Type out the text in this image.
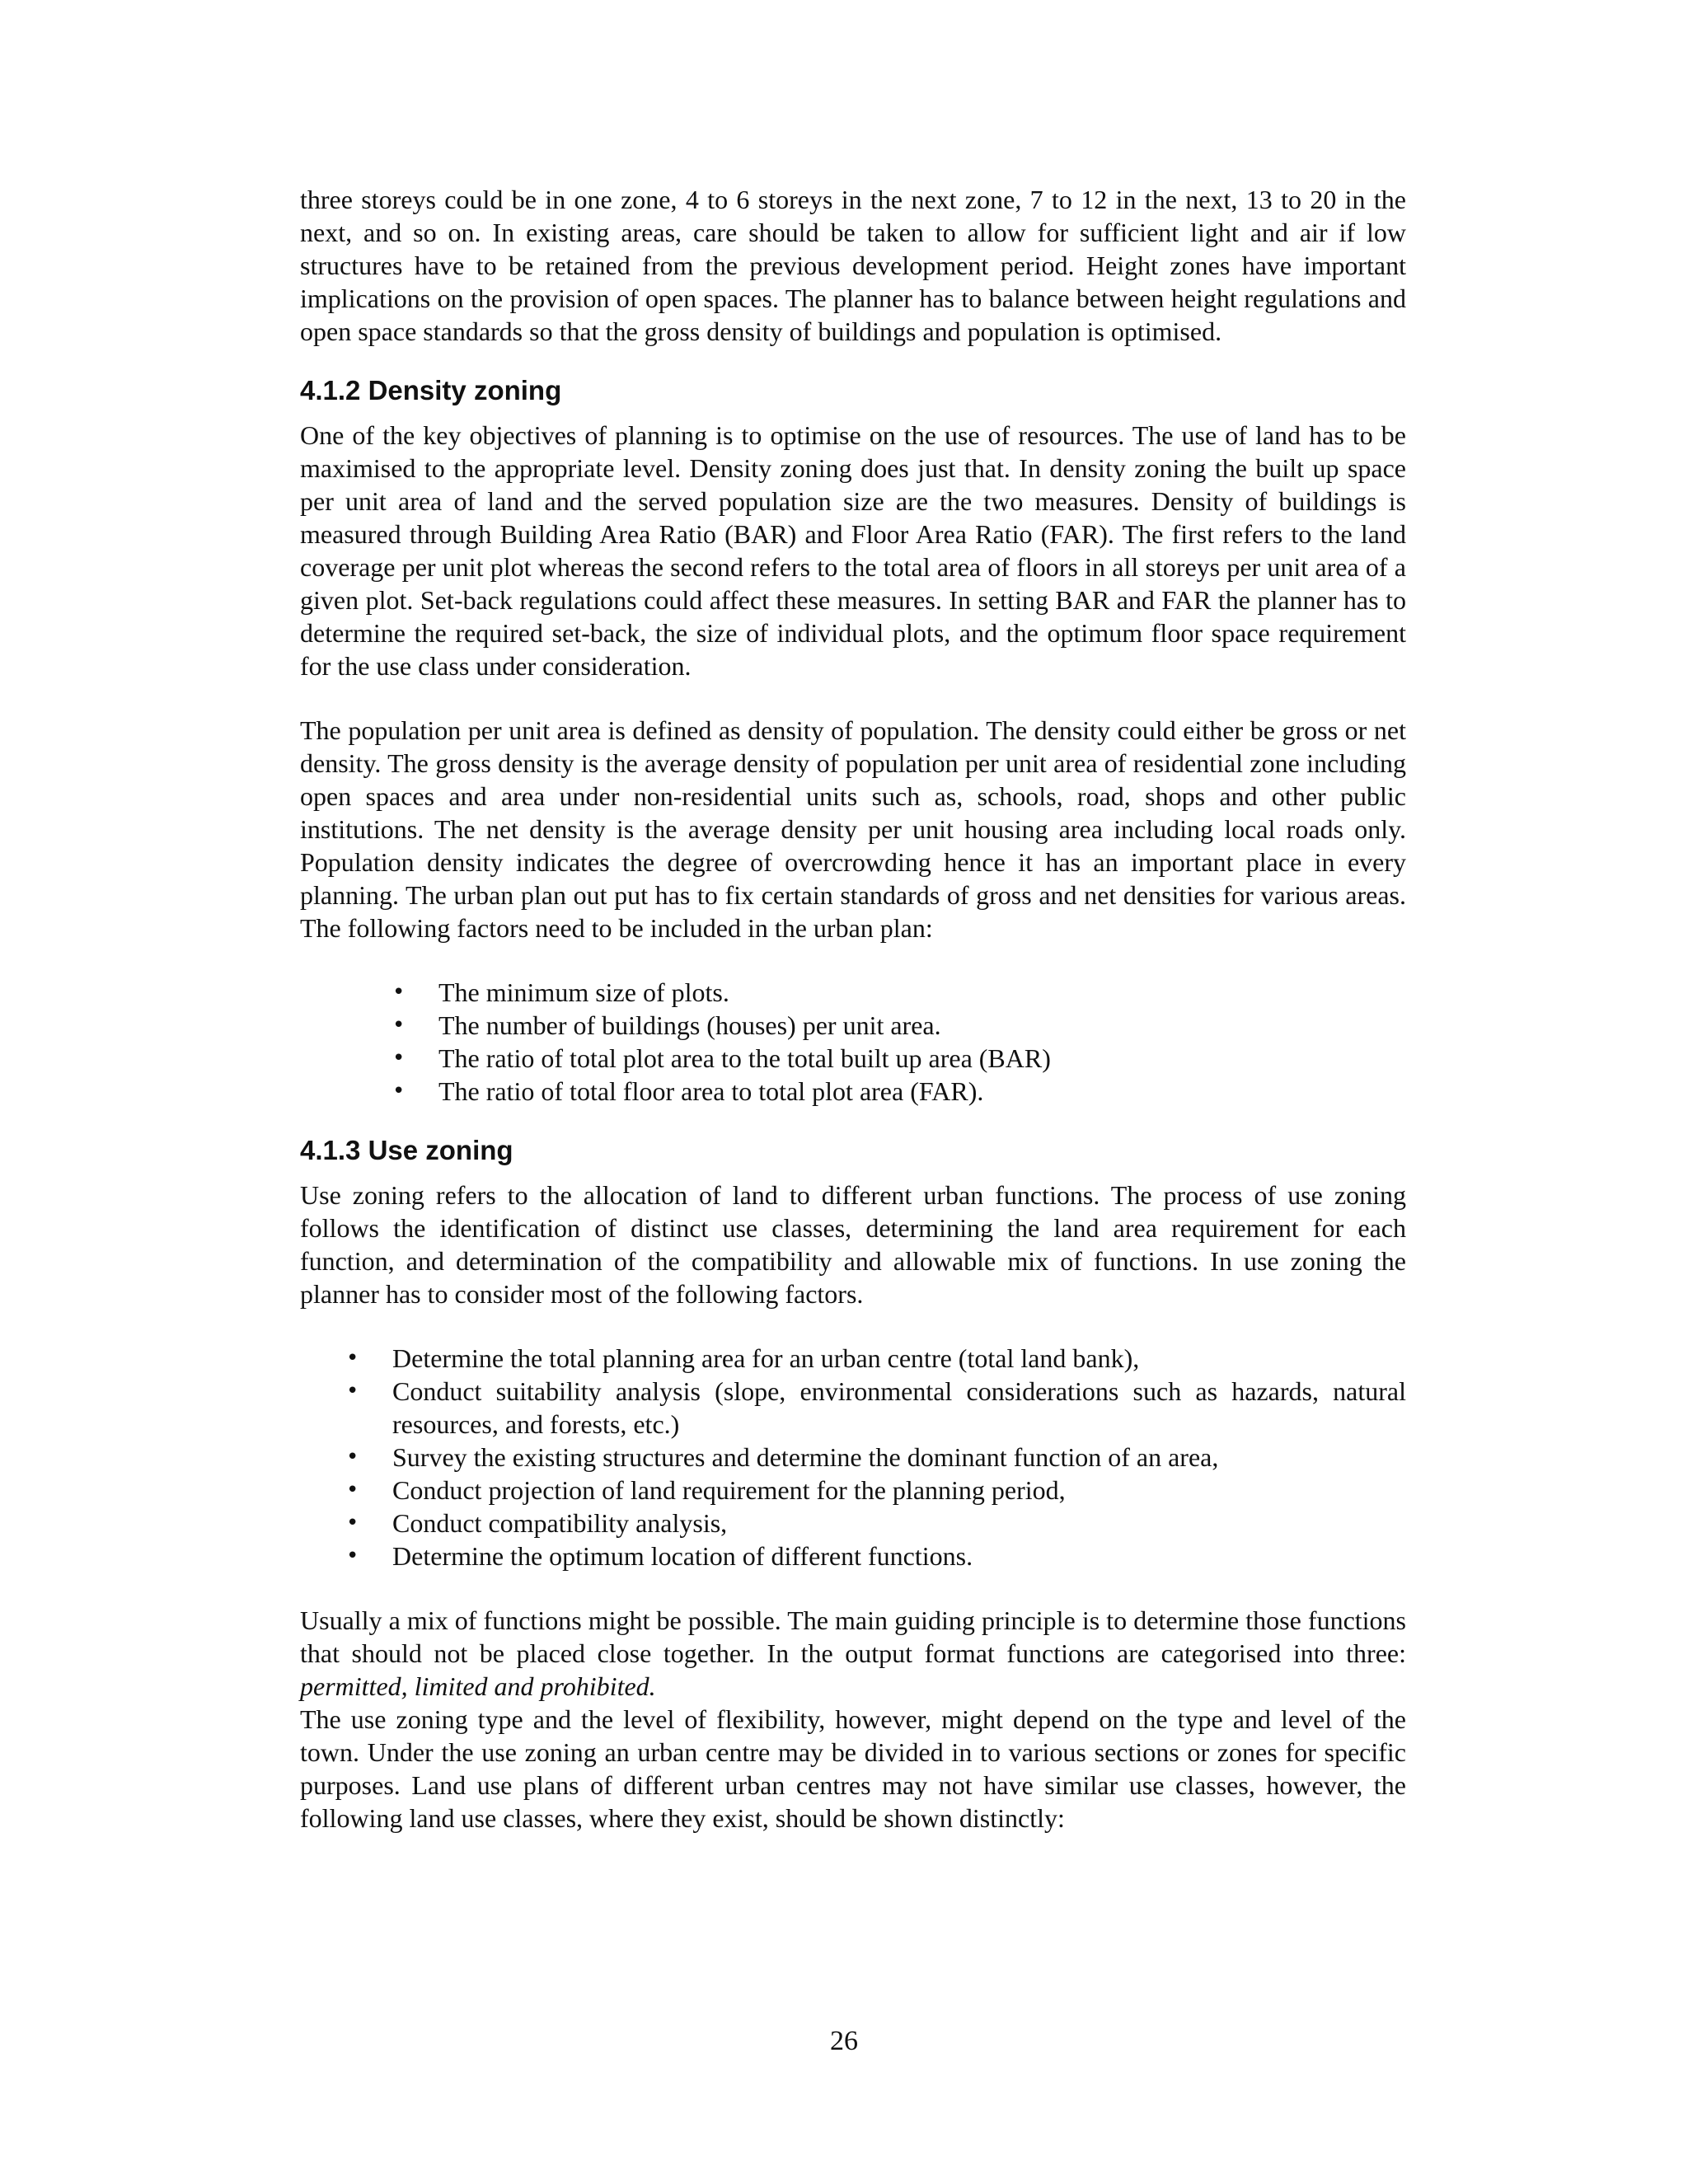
three storeys could be in one zone, 4 to 6 storeys in the next zone, 7 to 12 in the next, 13 to 20 in the next, and so on. In existing areas, care should be taken to allow for sufficient light and air if low structures have to be retained from the previous development period. Height zones have important implications on the provision of open spaces. The planner has to balance between height regulations and open space standards so that the gross density of buildings and population is optimised.

4.1.2 Density zoning

One of the key objectives of planning is to optimise on the use of resources. The use of land has to be maximised to the appropriate level. Density zoning does just that. In density zoning the built up space per unit area of land and the served population size are the two measures. Density of buildings is measured through Building Area Ratio (BAR) and Floor Area Ratio (FAR). The first refers to the land coverage per unit plot whereas the second refers to the total area of floors in all storeys per unit area of a given plot. Set-back regulations could affect these measures. In setting BAR and FAR the planner has to determine the required set-back, the size of individual plots, and the optimum floor space requirement for the use class under consideration.

The population per unit area is defined as density of population. The density could either be gross or net density. The gross density is the average density of population per unit area of residential zone including open spaces and area under non-residential units such as, schools, road, shops and other public institutions. The net density is the average density per unit housing area including local roads only. Population density indicates the degree of overcrowding hence it has an important place in every planning. The urban plan out put has to fix certain standards of gross and net densities for various areas. The following factors need to be included in the urban plan:

• The minimum size of plots.
• The number of buildings (houses) per unit area.
• The ratio of total plot area to the total built up area (BAR)
• The ratio of total floor area to total plot area (FAR).
4.1.3 Use zoning

Use zoning refers to the allocation of land to different urban functions. The process of use zoning follows the identification of distinct use classes, determining the land area requirement for each function, and determination of the compatibility and allowable mix of functions. In use zoning the planner has to consider most of the following factors.

• Determine the total planning area for an urban centre (total land bank),
• Conduct suitability analysis (slope, environmental considerations such as hazards, natural resources, and forests, etc.)
• Survey the existing structures and determine the dominant function of an area,
• Conduct projection of land requirement for the planning period,
• Conduct compatibility analysis,
• Determine the optimum location of different functions.

Usually a mix of functions might be possible. The main guiding principle is to determine those functions that should not be placed close together. In the output format functions are categorised into three: permitted, limited and prohibited.

The use zoning type and the level of flexibility, however, might depend on the type and level of the town. Under the use zoning an urban centre may be divided in to various sections or zones for specific purposes. Land use plans of different urban centres may not have similar use classes, however, the following land use classes, where they exist, should be shown distinctly:

26
